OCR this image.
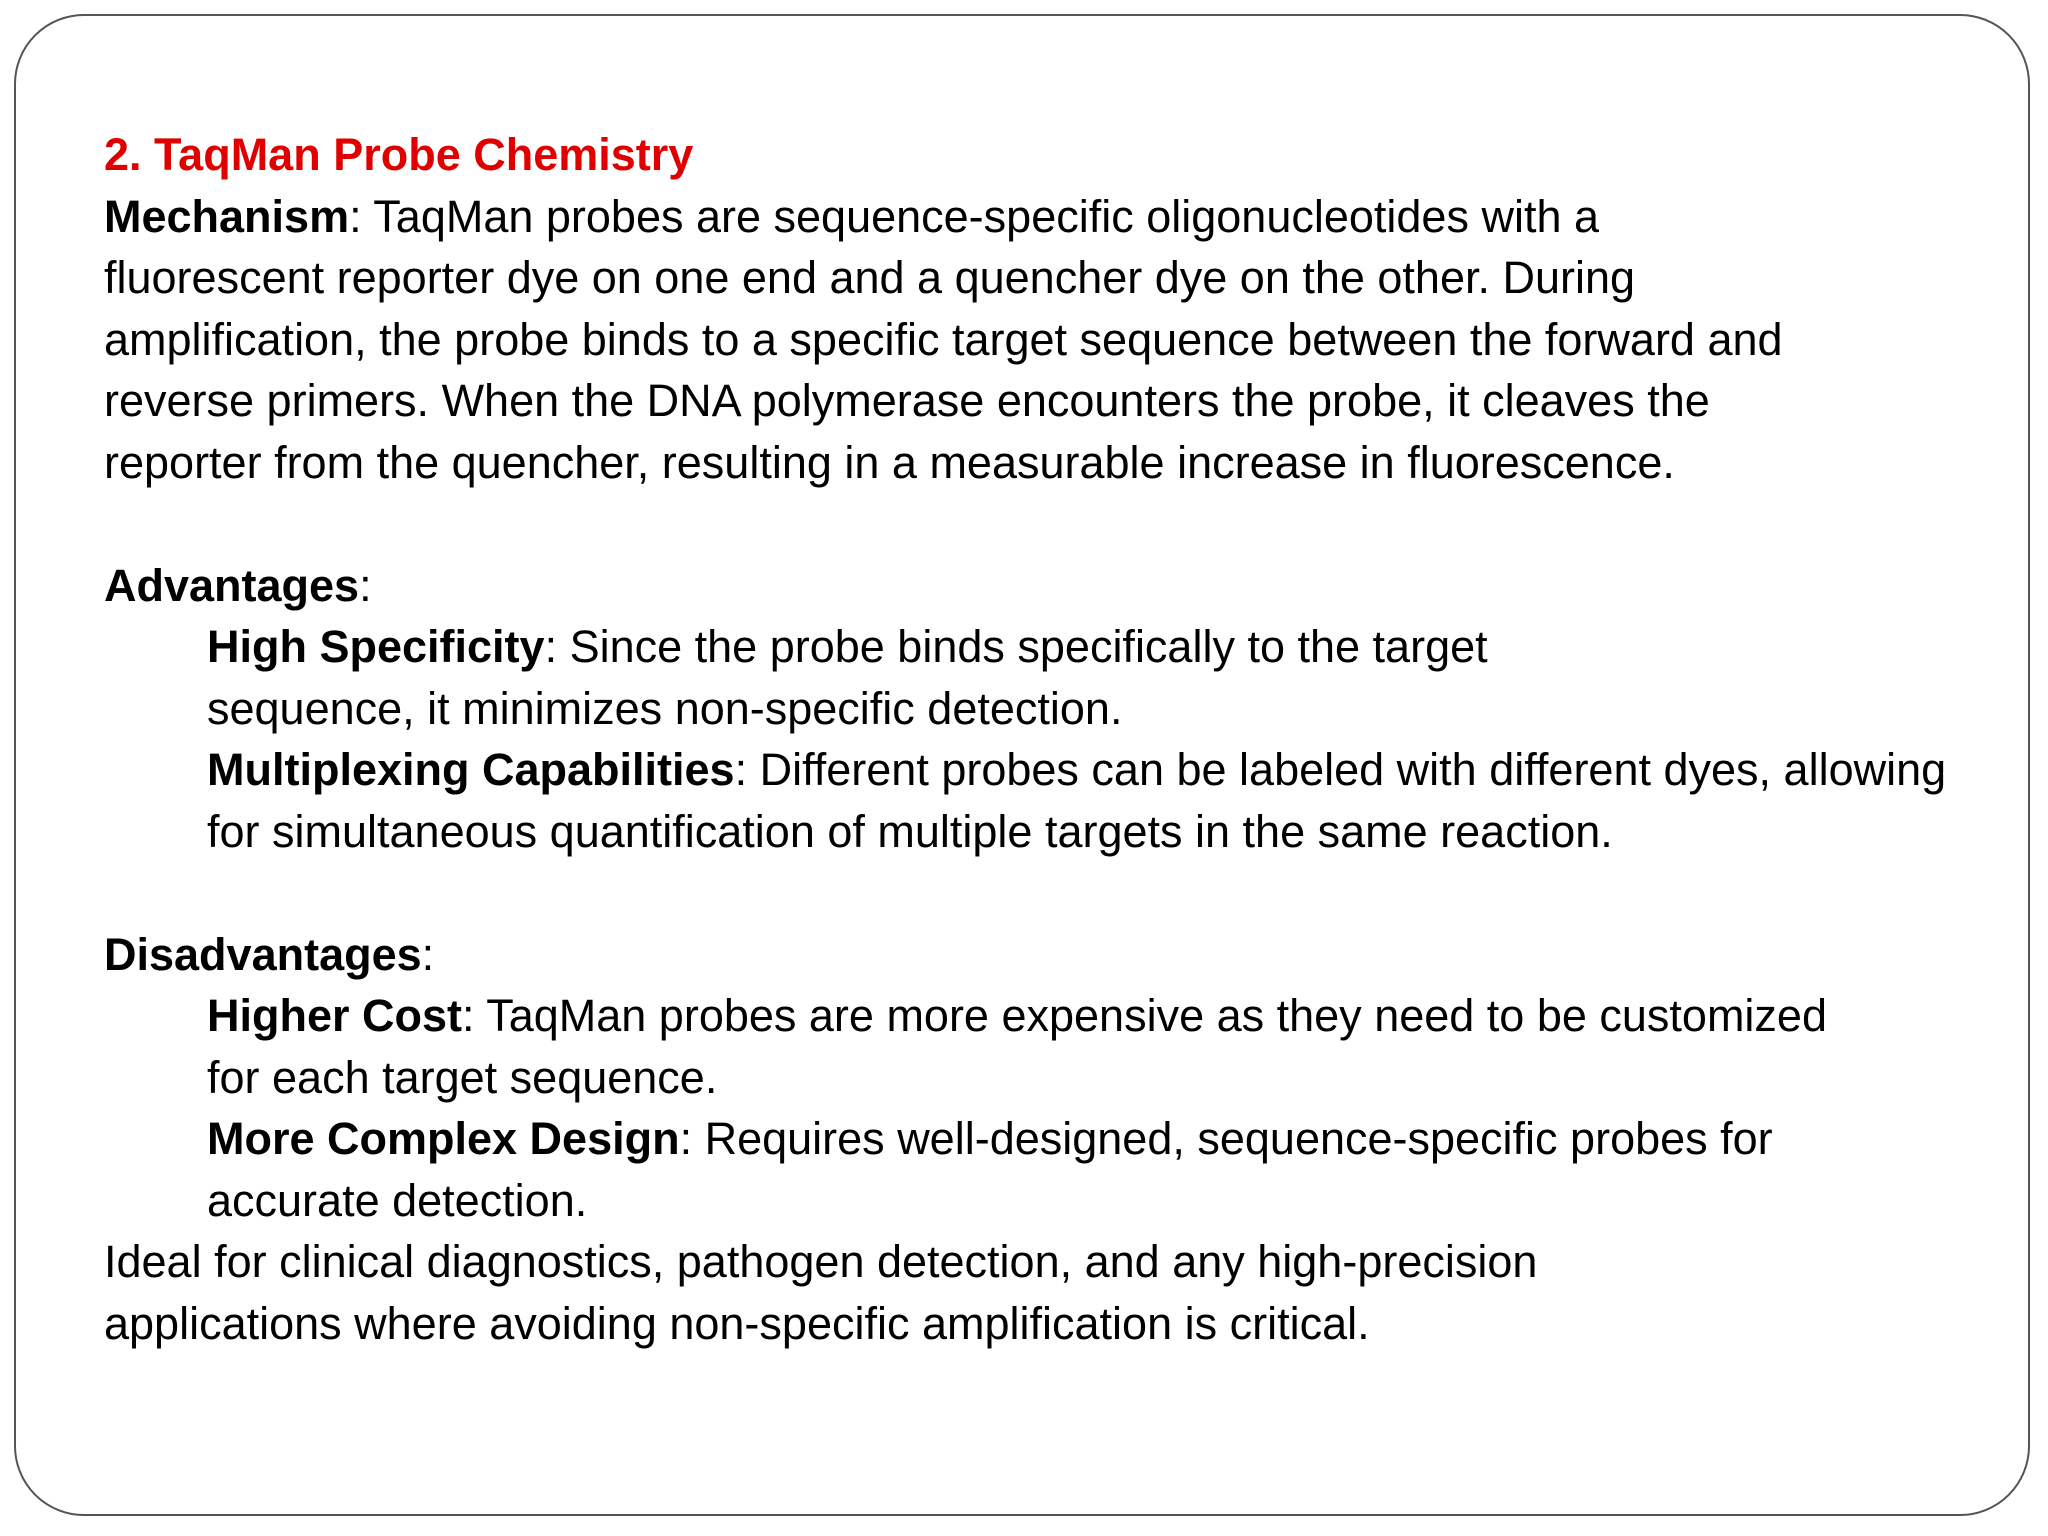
2. TaqMan Probe Chemistry

Mechanism: TaqMan probes are sequence-specific oligonucleotides with a fluorescent reporter dye on one end and a quencher dye on the other. During amplification, the probe binds to a specific target sequence between the forward and reverse primers. When the DNA polymerase encounters the probe, it cleaves the reporter from the quencher, resulting in a measurable increase in fluorescence.

Advantages:

High Specificity: Since the probe binds specifically to the target sequence, it minimizes non-specific detection.

Multiplexing Capabilities: Different probes can be labeled with different dyes, allowing for simultaneous quantification of multiple targets in the same reaction.

Disadvantages:

Higher Cost: TaqMan probes are more expensive as they need to be customized for each target sequence.

More Complex Design: Requires well-designed, sequence-specific probes for accurate detection.

Ideal for clinical diagnostics, pathogen detection, and any high-precision applications where avoiding non-specific amplification is critical.
